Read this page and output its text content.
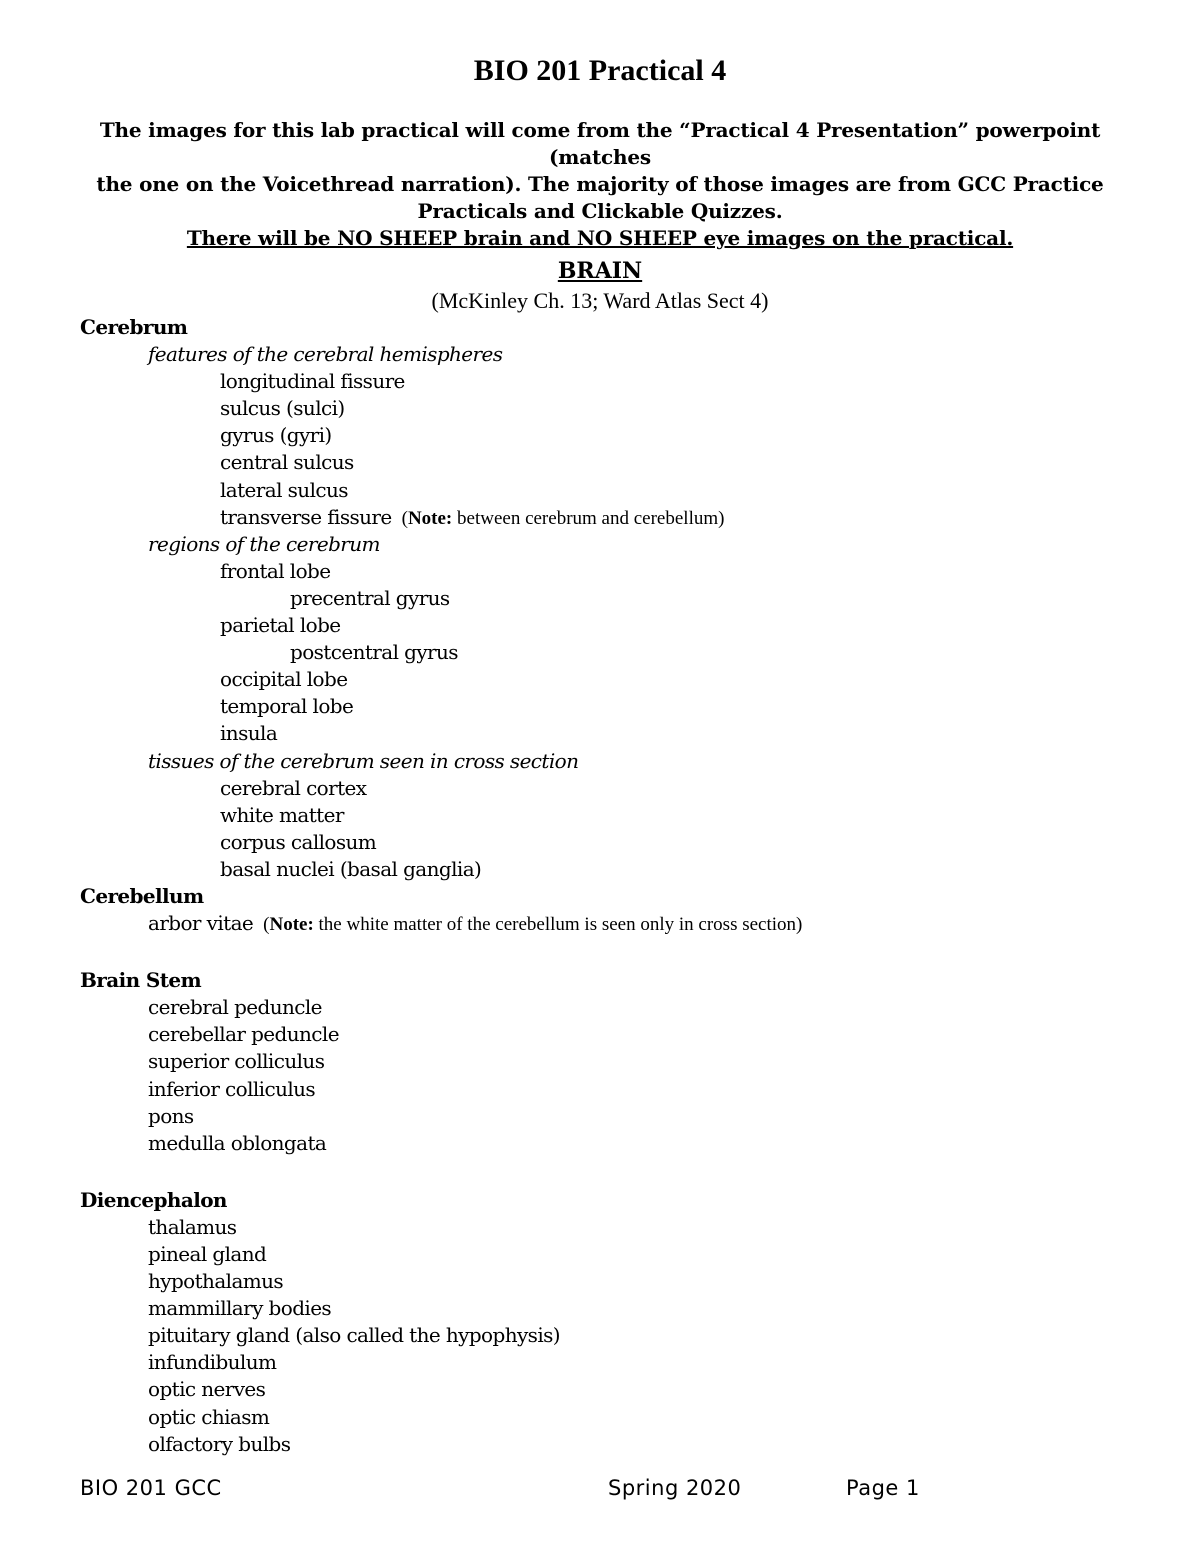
BIO 201 Practical 4

The images for this lab practical will come from the “Practical 4 Presentation” powerpoint (matches

the one on the Voicethread narration). The majority of those images are from GCC Practice

Practicals and Clickable Quizzes.

There will be NO SHEEP brain and NO SHEEP eye images on the practical.

BRAIN
(McKinley Ch. 13; Ward Atlas Sect 4)
Cerebrum
features of the cerebral hemispheres
longitudinal fissure
sulcus (sulci)
gyrus (gyri)
central sulcus
lateral sulcus
transverse fissure (Note: between cerebrum and cerebellum)
regions of the cerebrum
frontal lobe
precentral gyrus
parietal lobe
postcentral gyrus
occipital lobe
temporal lobe
insula
tissues of the cerebrum seen in cross section
cerebral cortex
white matter
corpus callosum
basal nuclei (basal ganglia)
Cerebellum
arbor vitae (Note: the white matter of the cerebellum is seen only in cross section)
Brain Stem
cerebral peduncle
cerebellar peduncle
superior colliculus
inferior colliculus
pons
medulla oblongata
Diencephalon
thalamus
pineal gland
hypothalamus
mammillary bodies
pituitary gland (also called the hypophysis)
infundibulum
optic nerves
optic chiasm
olfactory bulbs
BIO 201 GCC	Spring 2020	Page 1
